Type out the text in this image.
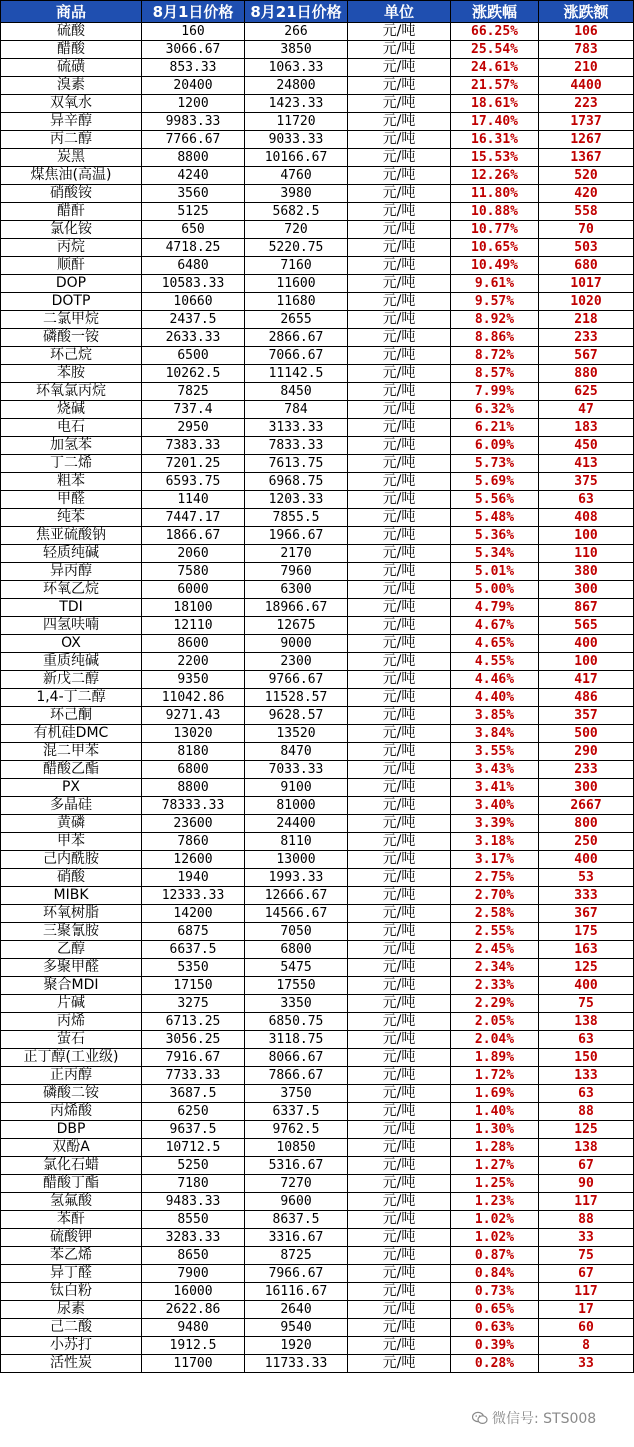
商品	8月1日价格	8月21日价格	单位	涨跌幅	涨跌额
硫酸	160	266	元/吨	66.25%	106
醋酸	3066.67	3850	元/吨	25.54%	783
硫磺	853.33	1063.33	元/吨	24.61%	210
溴素	20400	24800	元/吨	21.57%	4400
双氧水	1200	1423.33	元/吨	18.61%	223
异辛醇	9983.33	11720	元/吨	17.40%	1737
丙二醇	7766.67	9033.33	元/吨	16.31%	1267
炭黑	8800	10166.67	元/吨	15.53%	1367
煤焦油(高温)	4240	4760	元/吨	12.26%	520
硝酸铵	3560	3980	元/吨	11.80%	420
醋酐	5125	5682.5	元/吨	10.88%	558
氯化铵	650	720	元/吨	10.77%	70
丙烷	4718.25	5220.75	元/吨	10.65%	503
顺酐	6480	7160	元/吨	10.49%	680
DOP	10583.33	11600	元/吨	9.61%	1017
DOTP	10660	11680	元/吨	9.57%	1020
二氯甲烷	2437.5	2655	元/吨	8.92%	218
磷酸一铵	2633.33	2866.67	元/吨	8.86%	233
环己烷	6500	7066.67	元/吨	8.72%	567
苯胺	10262.5	11142.5	元/吨	8.57%	880
环氧氯丙烷	7825	8450	元/吨	7.99%	625
烧碱	737.4	784	元/吨	6.32%	47
电石	2950	3133.33	元/吨	6.21%	183
加氢苯	7383.33	7833.33	元/吨	6.09%	450
丁二烯	7201.25	7613.75	元/吨	5.73%	413
粗苯	6593.75	6968.75	元/吨	5.69%	375
甲醛	1140	1203.33	元/吨	5.56%	63
纯苯	7447.17	7855.5	元/吨	5.48%	408
焦亚硫酸钠	1866.67	1966.67	元/吨	5.36%	100
轻质纯碱	2060	2170	元/吨	5.34%	110
异丙醇	7580	7960	元/吨	5.01%	380
环氧乙烷	6000	6300	元/吨	5.00%	300
TDI	18100	18966.67	元/吨	4.79%	867
四氢呋喃	12110	12675	元/吨	4.67%	565
OX	8600	9000	元/吨	4.65%	400
重质纯碱	2200	2300	元/吨	4.55%	100
新戊二醇	9350	9766.67	元/吨	4.46%	417
1,4-丁二醇	11042.86	11528.57	元/吨	4.40%	486
环己酮	9271.43	9628.57	元/吨	3.85%	357
有机硅DMC	13020	13520	元/吨	3.84%	500
混二甲苯	8180	8470	元/吨	3.55%	290
醋酸乙酯	6800	7033.33	元/吨	3.43%	233
PX	8800	9100	元/吨	3.41%	300
多晶硅	78333.33	81000	元/吨	3.40%	2667
黄磷	23600	24400	元/吨	3.39%	800
甲苯	7860	8110	元/吨	3.18%	250
己内酰胺	12600	13000	元/吨	3.17%	400
硝酸	1940	1993.33	元/吨	2.75%	53
MIBK	12333.33	12666.67	元/吨	2.70%	333
环氧树脂	14200	14566.67	元/吨	2.58%	367
三聚氰胺	6875	7050	元/吨	2.55%	175
乙醇	6637.5	6800	元/吨	2.45%	163
多聚甲醛	5350	5475	元/吨	2.34%	125
聚合MDI	17150	17550	元/吨	2.33%	400
片碱	3275	3350	元/吨	2.29%	75
丙烯	6713.25	6850.75	元/吨	2.05%	138
萤石	3056.25	3118.75	元/吨	2.04%	63
正丁醇(工业级)	7916.67	8066.67	元/吨	1.89%	150
正丙醇	7733.33	7866.67	元/吨	1.72%	133
磷酸二铵	3687.5	3750	元/吨	1.69%	63
丙烯酸	6250	6337.5	元/吨	1.40%	88
DBP	9637.5	9762.5	元/吨	1.30%	125
双酚A	10712.5	10850	元/吨	1.28%	138
氯化石蜡	5250	5316.67	元/吨	1.27%	67
醋酸丁酯	7180	7270	元/吨	1.25%	90
氢氟酸	9483.33	9600	元/吨	1.23%	117
苯酐	8550	8637.5	元/吨	1.02%	88
硫酸钾	3283.33	3316.67	元/吨	1.02%	33
苯乙烯	8650	8725	元/吨	0.87%	75
异丁醛	7900	7966.67	元/吨	0.84%	67
钛白粉	16000	16116.67	元/吨	0.73%	117
尿素	2622.86	2640	元/吨	0.65%	17
己二酸	9480	9540	元/吨	0.63%	60
小苏打	1912.5	1920	元/吨	0.39%	8
活性炭	11700	11733.33	元/吨	0.28%	33
微信号: STS008
